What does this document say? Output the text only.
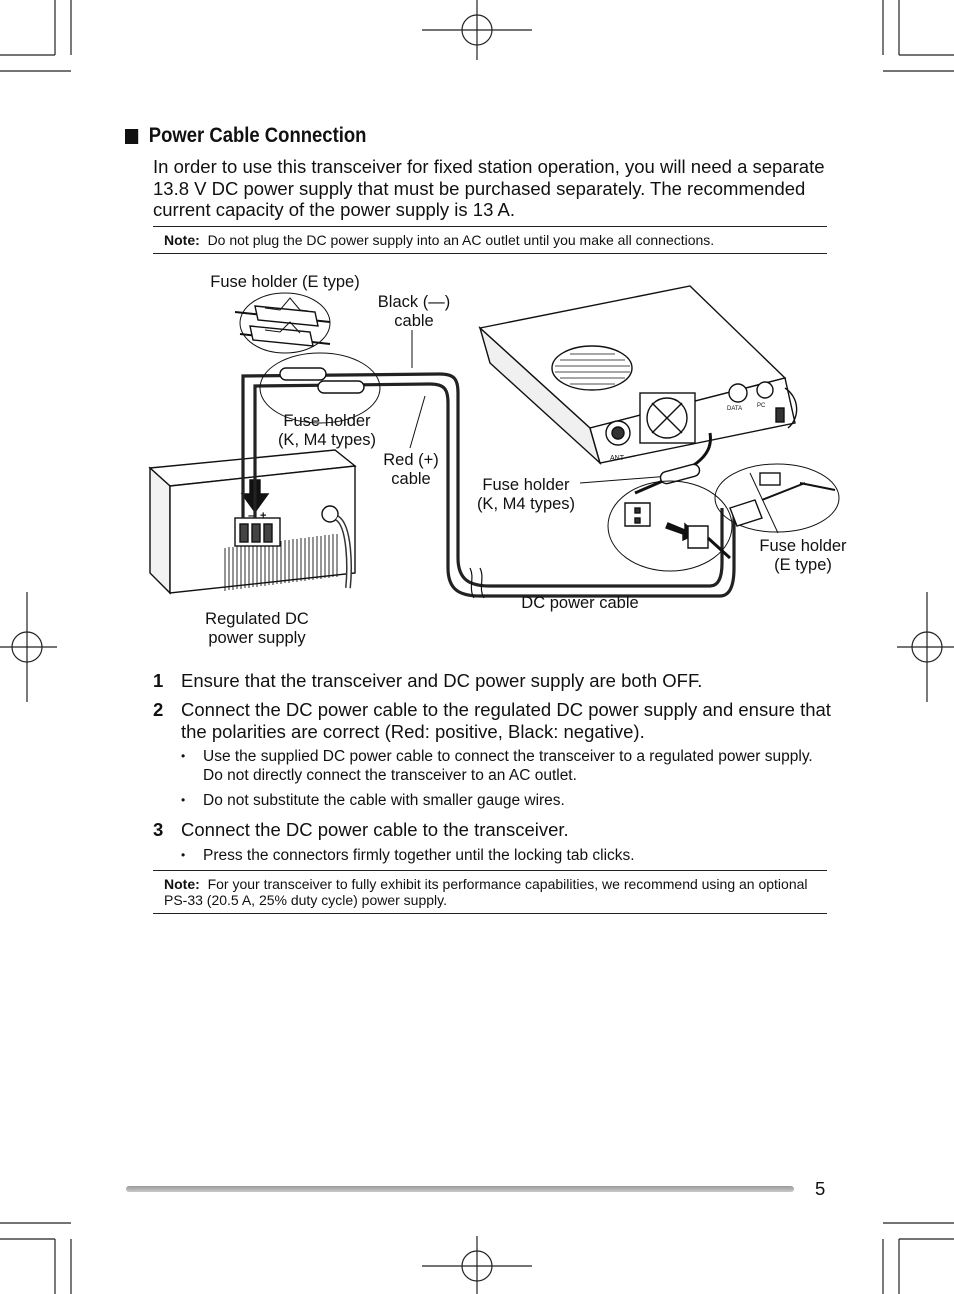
Power Cable Connection
In order to use this transceiver for fixed station operation, you will need a separate 13.8 V DC power supply that must be purchased separately. The recommended current capacity of the power supply is 13 A.
Note: Do not plug the DC power supply into an AC outlet until you make all connections.
– +
ANT
DATA PC
Fuse holder (E type)
Black (—)
cable
Fuse holder
(K, M4 types)
Red (+)
cable	Fuse holder
(K, M4 types)
Fuse holder
(E type)
Regulated DC
power supply
DC power cable
1 Ensure that the transceiver and DC power supply are both OFF.
2 Connect the DC power cable to the regulated DC power supply and ensure that the polarities are correct (Red: positive, Black: negative).
•	Use the supplied DC power cable to connect the transceiver to a regulated power supply. Do not directly connect the transceiver to an AC outlet.
•	Do not substitute the cable with smaller gauge wires.
3 Connect the DC power cable to the transceiver.
•	Press the connectors firmly together until the locking tab clicks.
Note: For your transceiver to fully exhibit its performance capabilities, we recommend using an optional PS-33 (20.5 A, 25% duty cycle) power supply.
5
